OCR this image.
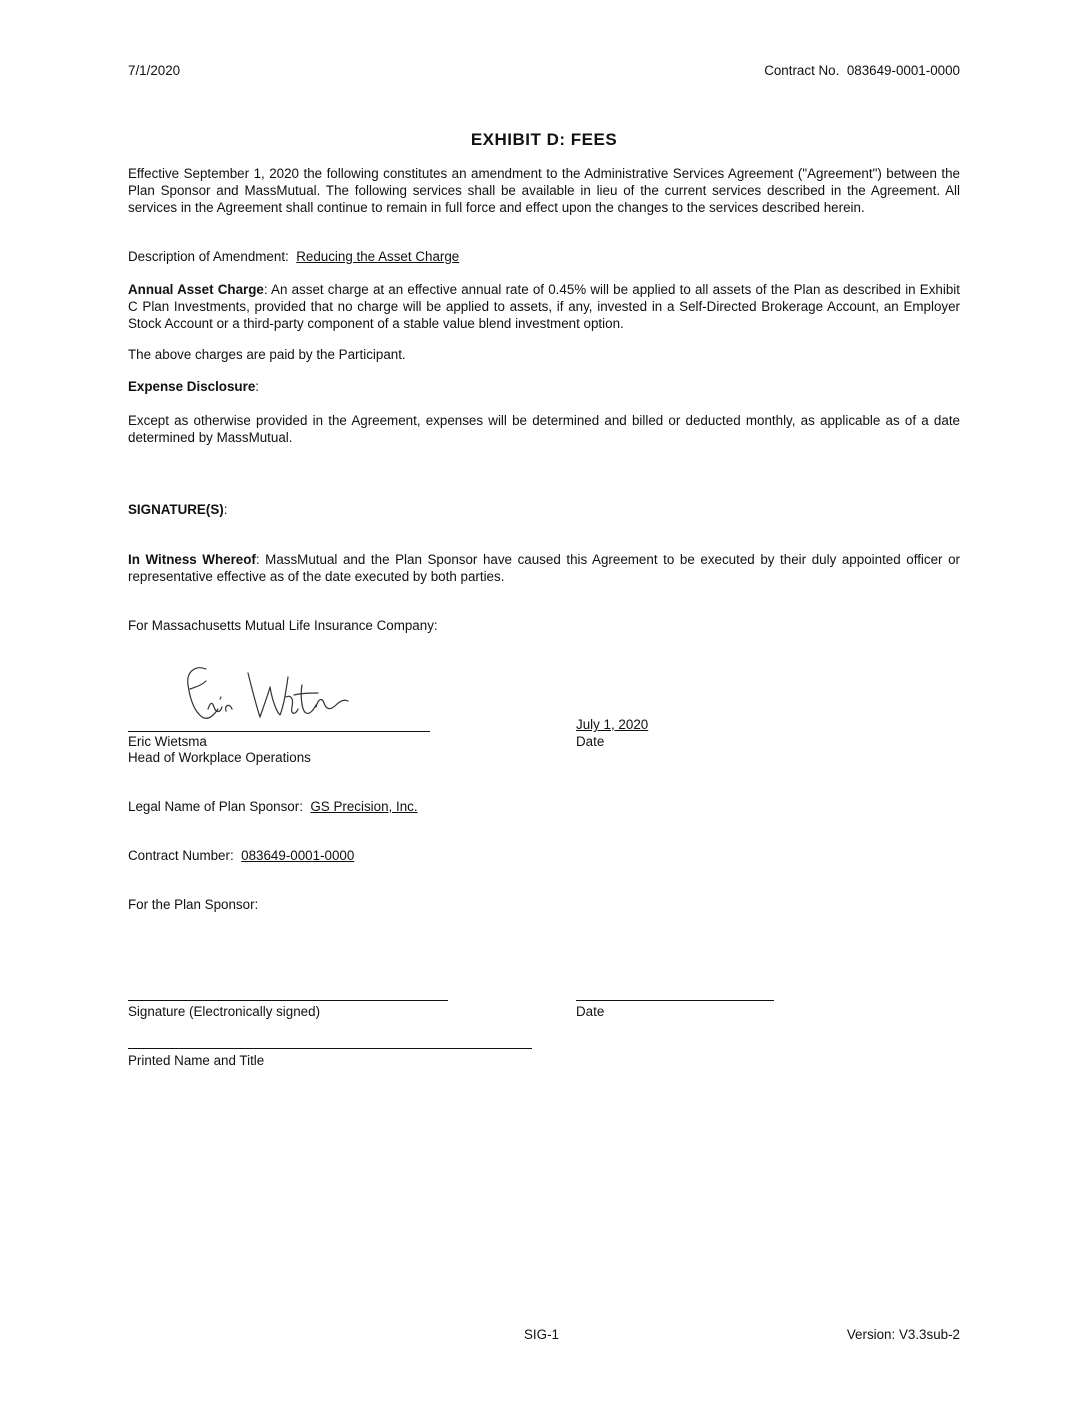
7/1/2020	Contract No. 083649-0001-0000
EXHIBIT D: FEES
Effective September 1, 2020 the following constitutes an amendment to the Administrative Services Agreement ("Agreement") between the Plan Sponsor and MassMutual. The following services shall be available in lieu of the current services described in the Agreement. All services in the Agreement shall continue to remain in full force and effect upon the changes to the services described herein.
Description of Amendment: Reducing the Asset Charge
Annual Asset Charge: An asset charge at an effective annual rate of 0.45% will be applied to all assets of the Plan as described in Exhibit C Plan Investments, provided that no charge will be applied to assets, if any, invested in a Self-Directed Brokerage Account, an Employer Stock Account or a third-party component of a stable value blend investment option.
The above charges are paid by the Participant.
Expense Disclosure:
Except as otherwise provided in the Agreement, expenses will be determined and billed or deducted monthly, as applicable as of a date determined by MassMutual.
SIGNATURE(S):
In Witness Whereof: MassMutual and the Plan Sponsor have caused this Agreement to be executed by their duly appointed officer or representative effective as of the date executed by both parties.
For Massachusetts Mutual Life Insurance Company:
Eric Wietsma
Head of Workplace Operations
July 1, 2020
Date
Legal Name of Plan Sponsor: GS Precision, Inc.
Contract Number: 083649-0001-0000
For the Plan Sponsor:
Signature (Electronically signed)	Date
Printed Name and Title
SIG-1	Version: V3.3sub-2
